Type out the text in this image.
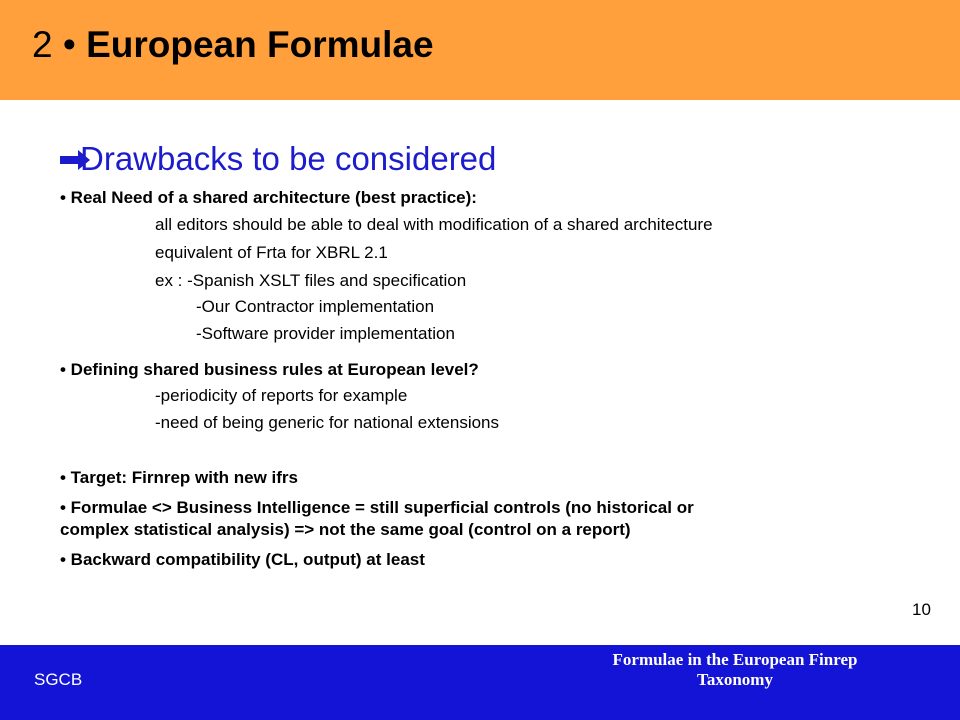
2 • European Formulae
Drawbacks to be considered
• Real Need of a shared architecture (best practice):
all editors should be able to deal with modification of a shared architecture
equivalent of Frta for XBRL 2.1
ex : -Spanish XSLT files and specification
-Our Contractor implementation
-Software provider implementation
• Defining shared business rules at European level?
-periodicity of reports for example
-need of being generic for national extensions
• Target: Firnrep with new ifrs
• Formulae <> Business Intelligence = still superficial controls (no historical or
complex statistical analysis) => not the same goal (control on a report)
• Backward compatibility (CL, output) at least
10
SGCB
Formulae in the European Finrep
Taxonomy
